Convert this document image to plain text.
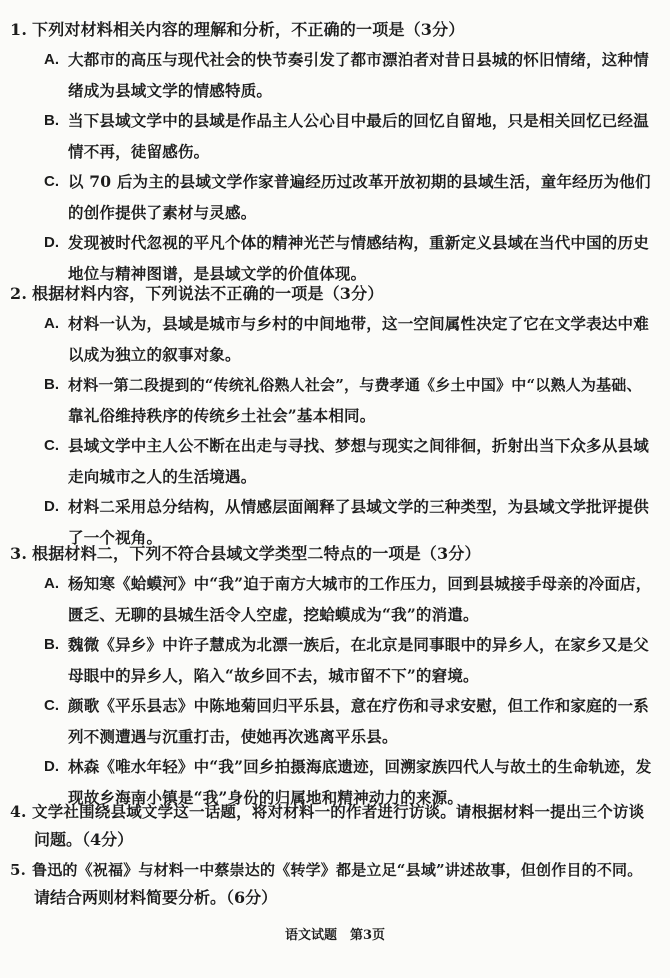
1. 下列对材料相关内容的理解和分析，不正确的一项是（3分）
A. 大都市的高压与现代社会的快节奏引发了都市漂泊者对昔日县城的怀旧情绪，这种情
绪成为县域文学的情感特质。
B. 当下县域文学中的县域是作品主人公心目中最后的回忆自留地，只是相关回忆已经温
情不再，徒留感伤。
C. 以 70 后为主的县域文学作家普遍经历过改革开放初期的县域生活，童年经历为他们
的创作提供了素材与灵感。
D. 发现被时代忽视的平凡个体的精神光芒与情感结构，重新定义县域在当代中国的历史
地位与精神图谱，是县域文学的价值体现。
2. 根据材料内容，下列说法不正确的一项是（3分）
A. 材料一认为，县域是城市与乡村的中间地带，这一空间属性决定了它在文学表达中难
以成为独立的叙事对象。
B. 材料一第二段提到的“传统礼俗熟人社会”，与费孝通《乡土中国》中“以熟人为基础、
靠礼俗维持秩序的传统乡土社会”基本相同。
C. 县域文学中主人公不断在出走与寻找、梦想与现实之间徘徊，折射出当下众多从县域
走向城市之人的生活境遇。
D. 材料二采用总分结构，从情感层面阐释了县域文学的三种类型，为县域文学批评提供
了一个视角。
3. 根据材料二，下列不符合县域文学类型二特点的一项是（3分）
A. 杨知寒《蛤蟆河》中“我”迫于南方大城市的工作压力，回到县城接手母亲的冷面店，
匮乏、无聊的县城生活令人空虚，挖蛤蟆成为“我”的消遣。
B. 魏微《异乡》中许子慧成为北漂一族后，在北京是同事眼中的异乡人，在家乡又是父
母眼中的异乡人，陷入“故乡回不去，城市留不下”的窘境。
C. 颜歌《平乐县志》中陈地菊回归平乐县，意在疗伤和寻求安慰，但工作和家庭的一系
列不测遭遇与沉重打击，使她再次逃离平乐县。
D. 林森《唯水年轻》中“我”回乡拍摄海底遗迹，回溯家族四代人与故土的生命轨迹，发
现故乡海南小镇是“我”身份的归属地和精神动力的来源。
4. 文学社围绕县域文学这一话题，将对材料一的作者进行访谈。请根据材料一提出三个访谈
问题。（4分）
5. 鲁迅的《祝福》与材料一中蔡崇达的《转学》都是立足“县域”讲述故事，但创作目的不同。
请结合两则材料简要分析。（6分）
语文试题　第3页
